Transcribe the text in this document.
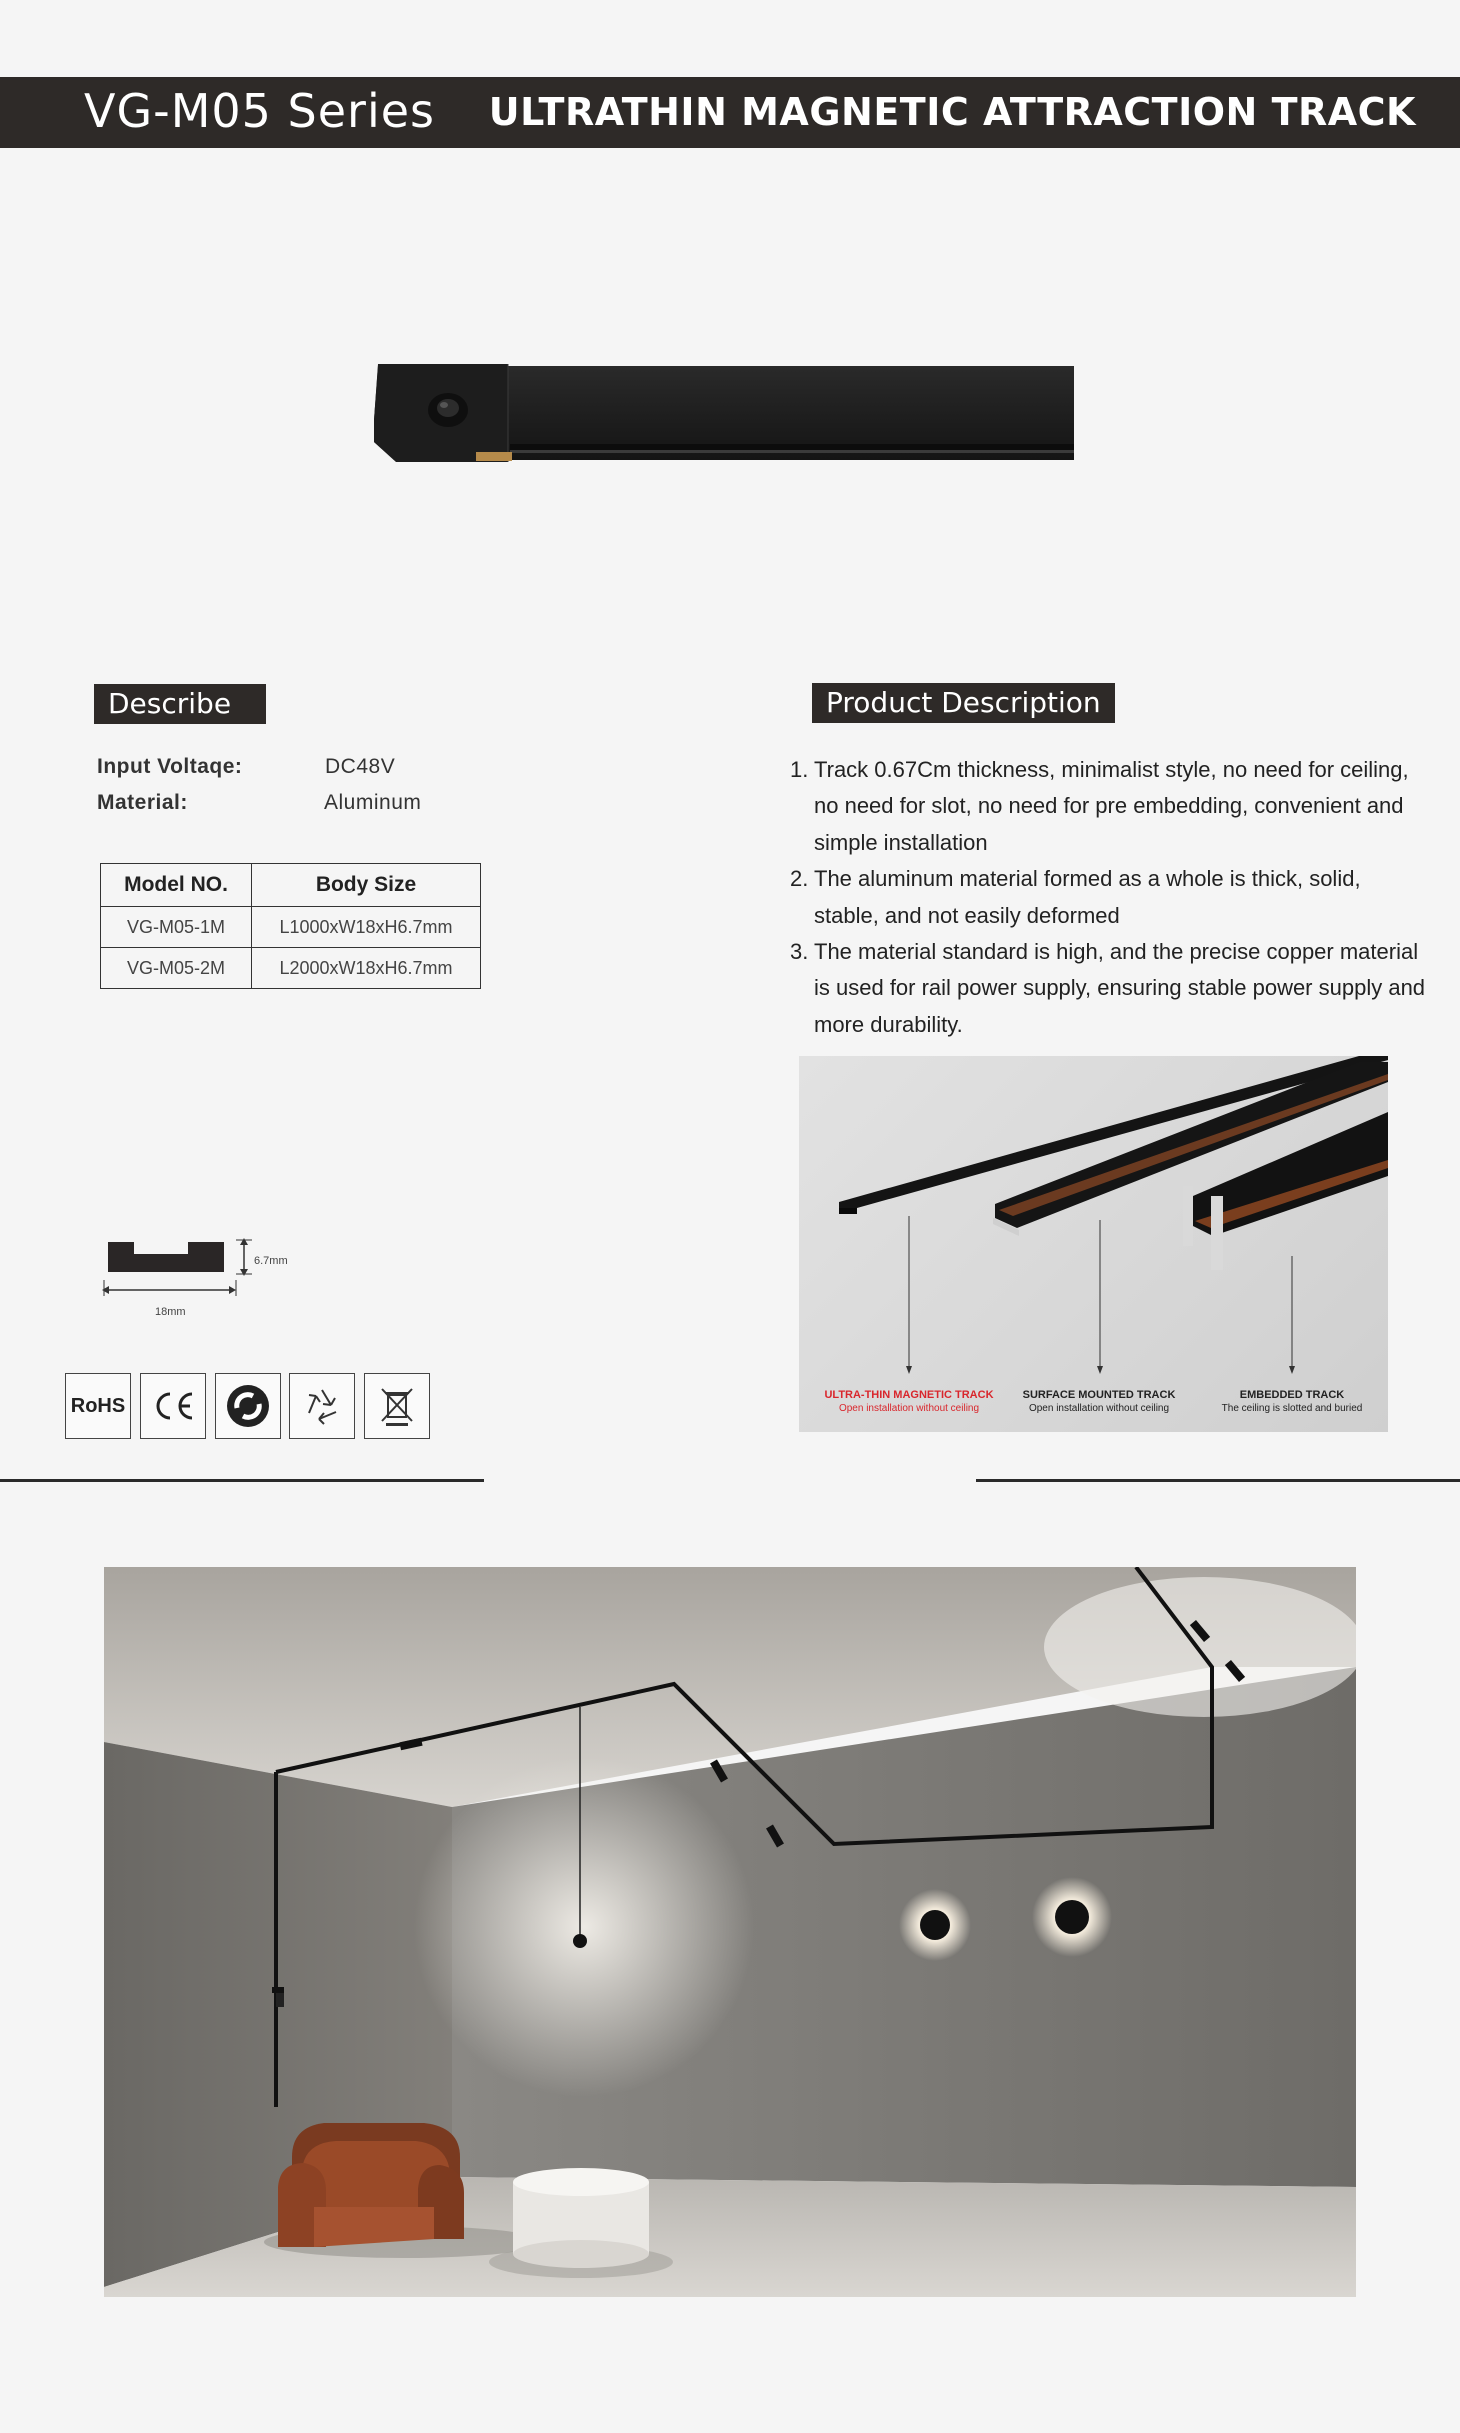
VG-M05 Series ULTRATHIN MAGNETIC ATTRACTION TRACK
Describe
Input Voltaqe:	DC48V
Material:	Aluminum
Model NO.	Body Size
VG-M05-1M	L1000xW18xH6.7mm
VG-M05-2M	L2000xW18xH6.7mm
6.7mm
18mm
RoHS
Product Description
1. Track 0.67Cm thickness, minimalist style, no need for ceiling, no need for slot, no need for pre embedding, convenient and simple installation
2. The aluminum material formed as a whole is thick, solid, stable, and not easily deformed
3. The material standard is high, and the precise copper material is used for rail power supply, ensuring stable power supply and more durability.
ULTRA-THIN MAGNETIC TRACK
Open installation without ceiling
SURFACE MOUNTED TRACK
Open installation without ceiling
EMBEDDED TRACK
The ceiling is slotted and buried
